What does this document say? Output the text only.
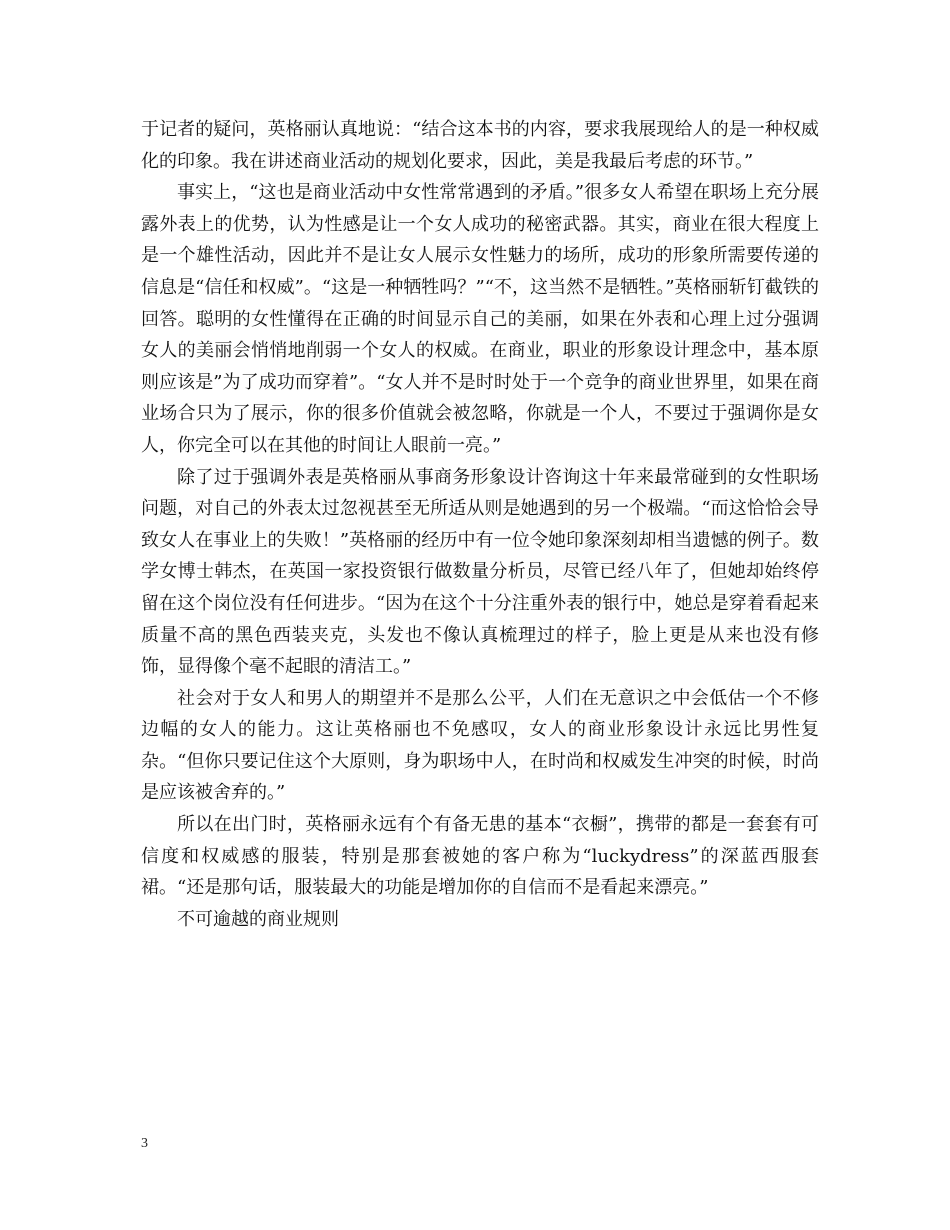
于记者的疑问，英格丽认真地说：“结合这本书的内容，要求我展现给人的是一种权威化的印象。我在讲述商业活动的规划化要求，因此，美是我最后考虑的环节。”

事实上，“这也是商业活动中女性常常遇到的矛盾。”很多女人希望在职场上充分展露外表上的优势，认为性感是让一个女人成功的秘密武器。其实，商业在很大程度上是一个雄性活动，因此并不是让女人展示女性魅力的场所，成功的形象所需要传递的信息是“信任和权威”。“这是一种牺牲吗？”“不，这当然不是牺牲。”英格丽斩钉截铁的回答。聪明的女性懂得在正确的时间显示自己的美丽，如果在外表和心理上过分强调女人的美丽会悄悄地削弱一个女人的权威。在商业，职业的形象设计理念中，基本原则应该是”为了成功而穿着”。“女人并不是时时处于一个竞争的商业世界里，如果在商业场合只为了展示，你的很多价值就会被忽略，你就是一个人，不要过于强调你是女人，你完全可以在其他的时间让人眼前一亮。”

除了过于强调外表是英格丽从事商务形象设计咨询这十年来最常碰到的女性职场问题，对自己的外表太过忽视甚至无所适从则是她遇到的另一个极端。“而这恰恰会导致女人在事业上的失败！”英格丽的经历中有一位令她印象深刻却相当遗憾的例子。数学女博士韩杰，在英国一家投资银行做数量分析员，尽管已经八年了，但她却始终停留在这个岗位没有任何进步。“因为在这个十分注重外表的银行中，她总是穿着看起来质量不高的黑色西装夹克，头发也不像认真梳理过的样子，脸上更是从来也没有修饰，显得像个毫不起眼的清洁工。”

社会对于女人和男人的期望并不是那么公平，人们在无意识之中会低估一个不修边幅的女人的能力。这让英格丽也不免感叹，女人的商业形象设计永远比男性复杂。“但你只要记住这个大原则，身为职场中人，在时尚和权威发生冲突的时候，时尚是应该被舍弃的。”

所以在出门时，英格丽永远有个有备无患的基本“衣橱”，携带的都是一套套有可信度和权威感的服装，特别是那套被她的客户称为“luckydress”的深蓝西服套裙。“还是那句话，服装最大的功能是增加你的自信而不是看起来漂亮。”

不可逾越的商业规则

3
